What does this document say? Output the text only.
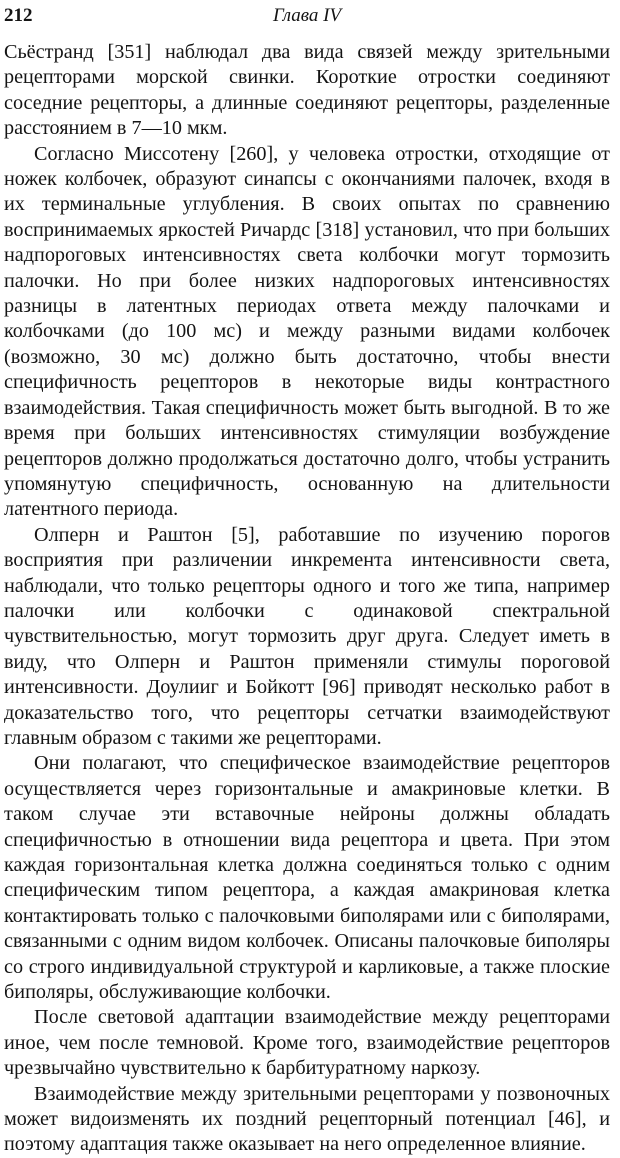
212	Глава IV

Сьëстранд [351] наблюдал два вида связей между зрительными рецепторами морской свинки. Короткие отростки соединяют соседние рецепторы, а длинные соединяют рецепторы, разделенные расстоянием в 7—10 мкм.

Согласно Миссотену [260], у человека отростки, отходящие от ножек колбочек, образуют синапсы с окончаниями палочек, входя в их терминальные углубления. В своих опытах по сравнению воспринимаемых яркостей Ричардс [318] установил, что при больших надпороговых интенсивностях света колбочки могут тормозить палочки. Но при более низких надпороговых интенсивностях разницы в латентных периодах ответа между палочками и колбочками (до 100 мс) и между разными видами колбочек (возможно, 30 мс) должно быть достаточно, чтобы внести специфичность рецепторов в некоторые виды контрастного взаимодействия. Такая специфичность может быть выгодной. В то же время при больших интенсивностях стимуляции возбуждение рецепторов должно продолжаться достаточно долго, чтобы устранить упомянутую специфичность, основанную на длительности латентного периода.

Олперн и Раштон [5], работавшие по изучению порогов восприятия при различении инкремента интенсивности света, наблюдали, что только рецепторы одного и того же типа, например палочки или колбочки с одинаковой спектральной чувствительностью, могут тормозить друг друга. Следует иметь в виду, что Олперн и Раштон применяли стимулы пороговой интенсивности. Доулииг и Бойкотт [96] приводят несколько работ в доказательство того, что рецепторы сетчатки взаимодействуют главным образом с такими же рецепторами.

Они полагают, что специфическое взаимодействие рецепторов осуществляется через горизонтальные и амакриновые клетки. В таком случае эти вставочные нейроны должны обладать специфичностью в отношении вида рецептора и цвета. При этом каждая горизонтальная клетка должна соединяться только с одним специфическим типом рецептора, а каждая амакриновая клетка контактировать только с палочковыми биполярами или с биполярами, связанными с одним видом колбочек. Описаны палочковые биполяры со строго индивидуальной структурой и карликовые, а также плоские биполяры, обслуживающие колбочки.

После световой адаптации взаимодействие между рецепторами иное, чем после темновой. Кроме того, взаимодействие рецепторов чрезвычайно чувствительно к барбитуратному наркозу.

Взаимодействие между зрительными рецепторами у позвоночных может видоизменять их поздний рецепторный потенциал [46], и поэтому адаптация также оказывает на него определенное влияние.
